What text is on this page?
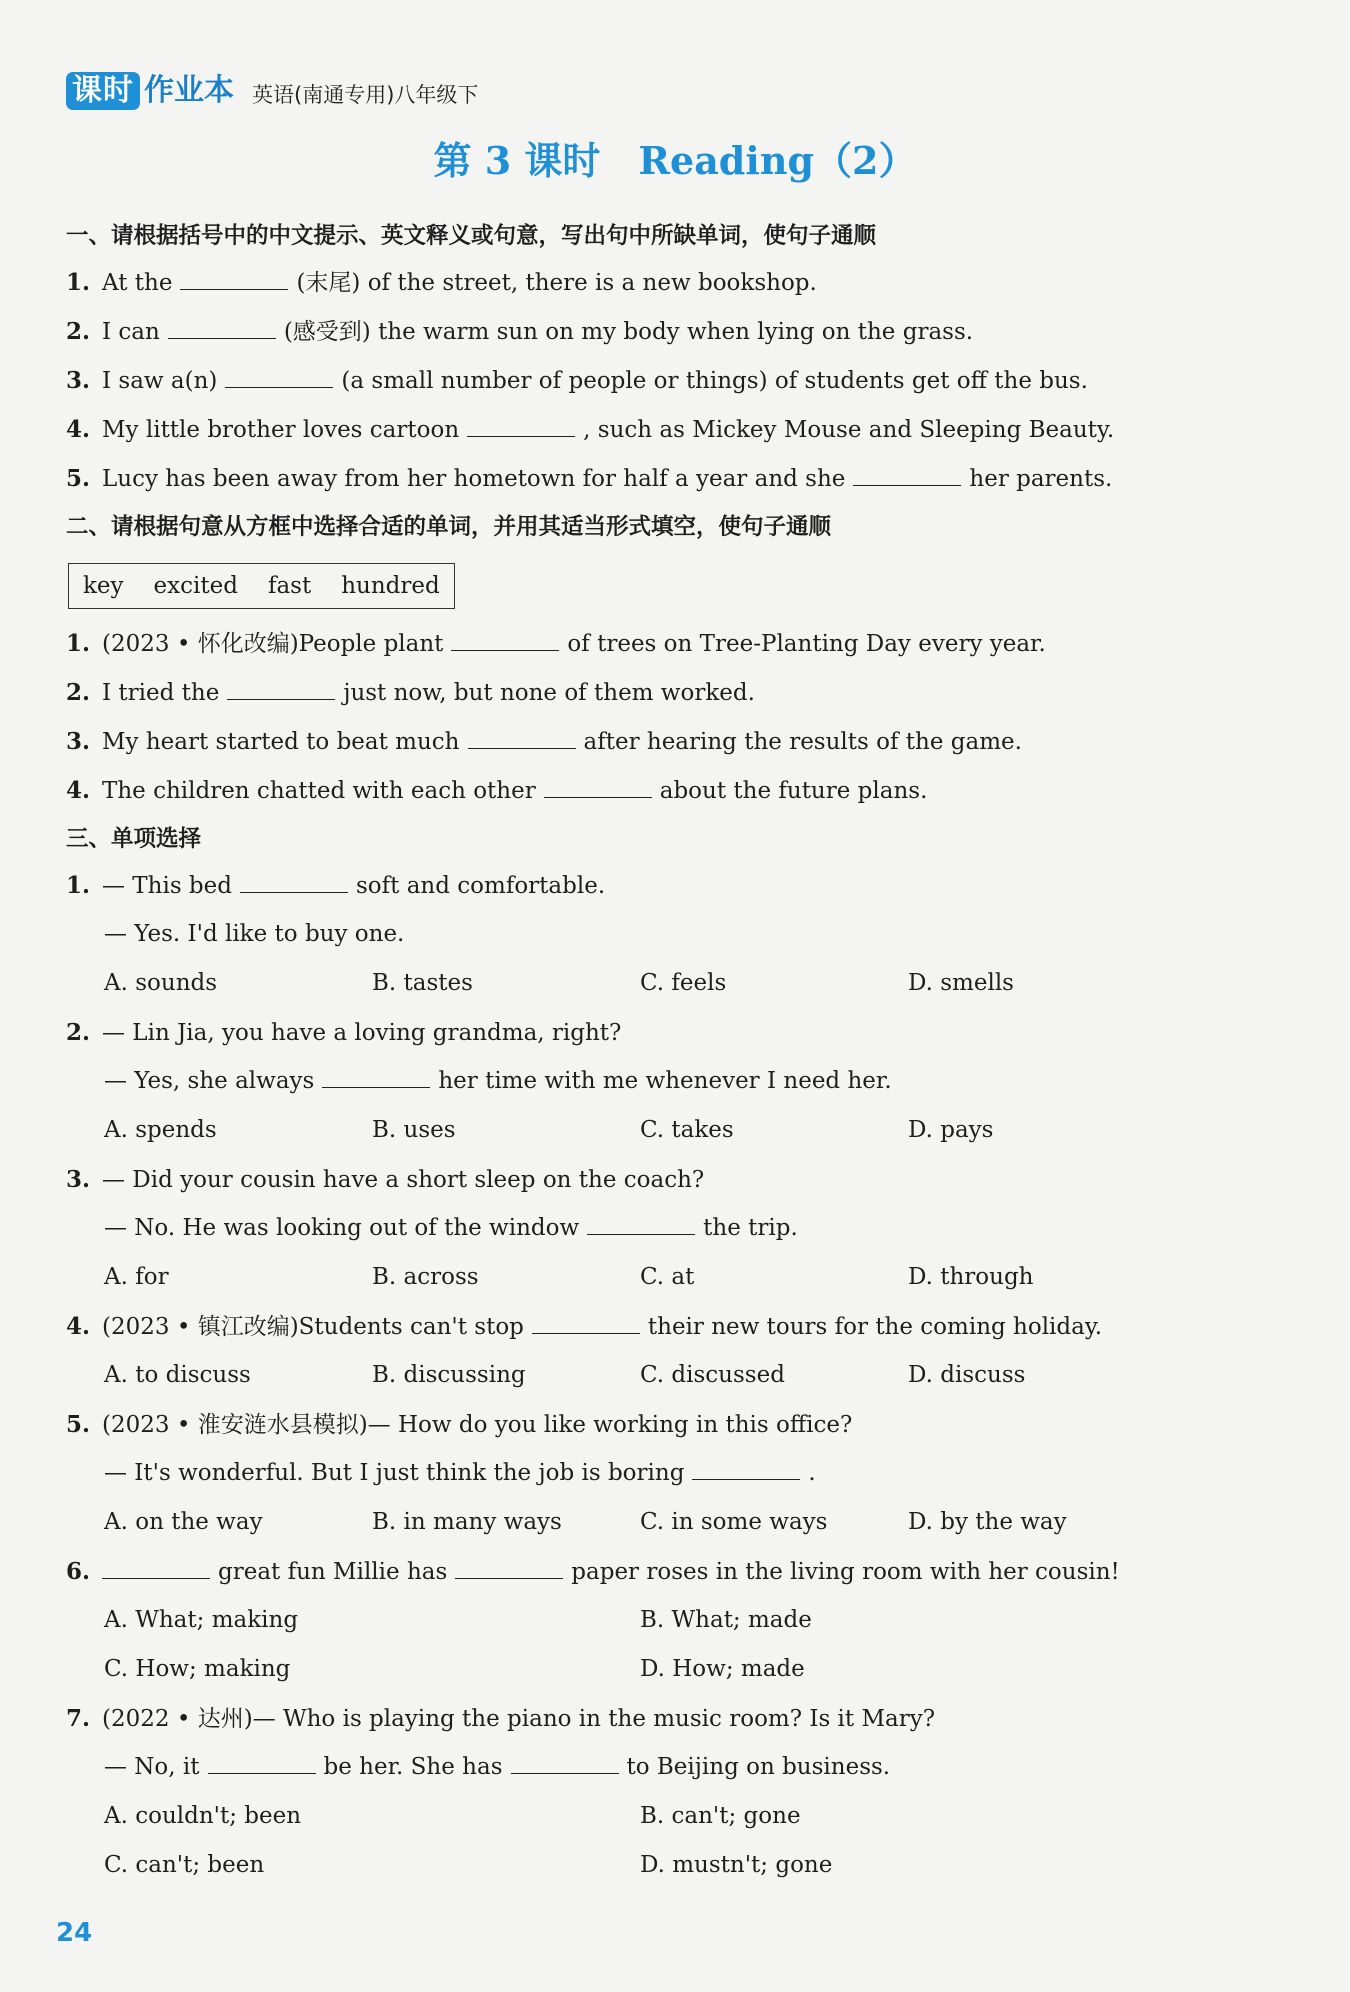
课时 作业本 英语(南通专用)八年级下
第 3 课时　Reading（2）
一、请根据括号中的中文提示、英文释义或句意，写出句中所缺单词，使句子通顺
1. At the	(末尾) of the street, there is a new bookshop.
2. I can	(感受到) the warm sun on my body when lying on the grass.
3. I saw a(n)	(a small number of people or things) of students get off the bus.
4. My little brother loves cartoon	, such as Mickey Mouse and Sleeping Beauty.
5. Lucy has been away from her hometown for half a year and she	her parents.
二、请根据句意从方框中选择合适的单词，并用其适当形式填空，使句子通顺
key excited fast hundred
1. (2023 • 怀化改编)People plant	of trees on Tree-Planting Day every year.
2. I tried the	just now, but none of them worked.
3. My heart started to beat much	after hearing the results of the game.
4. The children chatted with each other	about the future plans.
三、单项选择
1. — This bed	soft and comfortable.
— Yes. I'd like to buy one.
A. sounds	B. tastes	C. feels	D. smells
2. — Lin Jia, you have a loving grandma, right?
— Yes, she always	her time with me whenever I need her.
A. spends	B. uses	C. takes	D. pays
3. — Did your cousin have a short sleep on the coach?
— No. He was looking out of the window	the trip.
A. for	B. across	C. at	D. through
4. (2023 • 镇江改编)Students can't stop	their new tours for the coming holiday.
A. to discuss	B. discussing	C. discussed	D. discuss
5. (2023 • 淮安涟水县模拟)— How do you like working in this office?
— It's wonderful. But I just think the job is boring	.
A. on the way	B. in many ways	C. in some ways	D. by the way
6.	great fun Millie has	paper roses in the living room with her cousin!
A. What; making	B. What; made
C. How; making	D. How; made
7. (2022 • 达州)— Who is playing the piano in the music room? Is it Mary?
— No, it	be her. She has	to Beijing on business.
A. couldn't; been	B. can't; gone
C. can't; been	D. mustn't; gone
24
